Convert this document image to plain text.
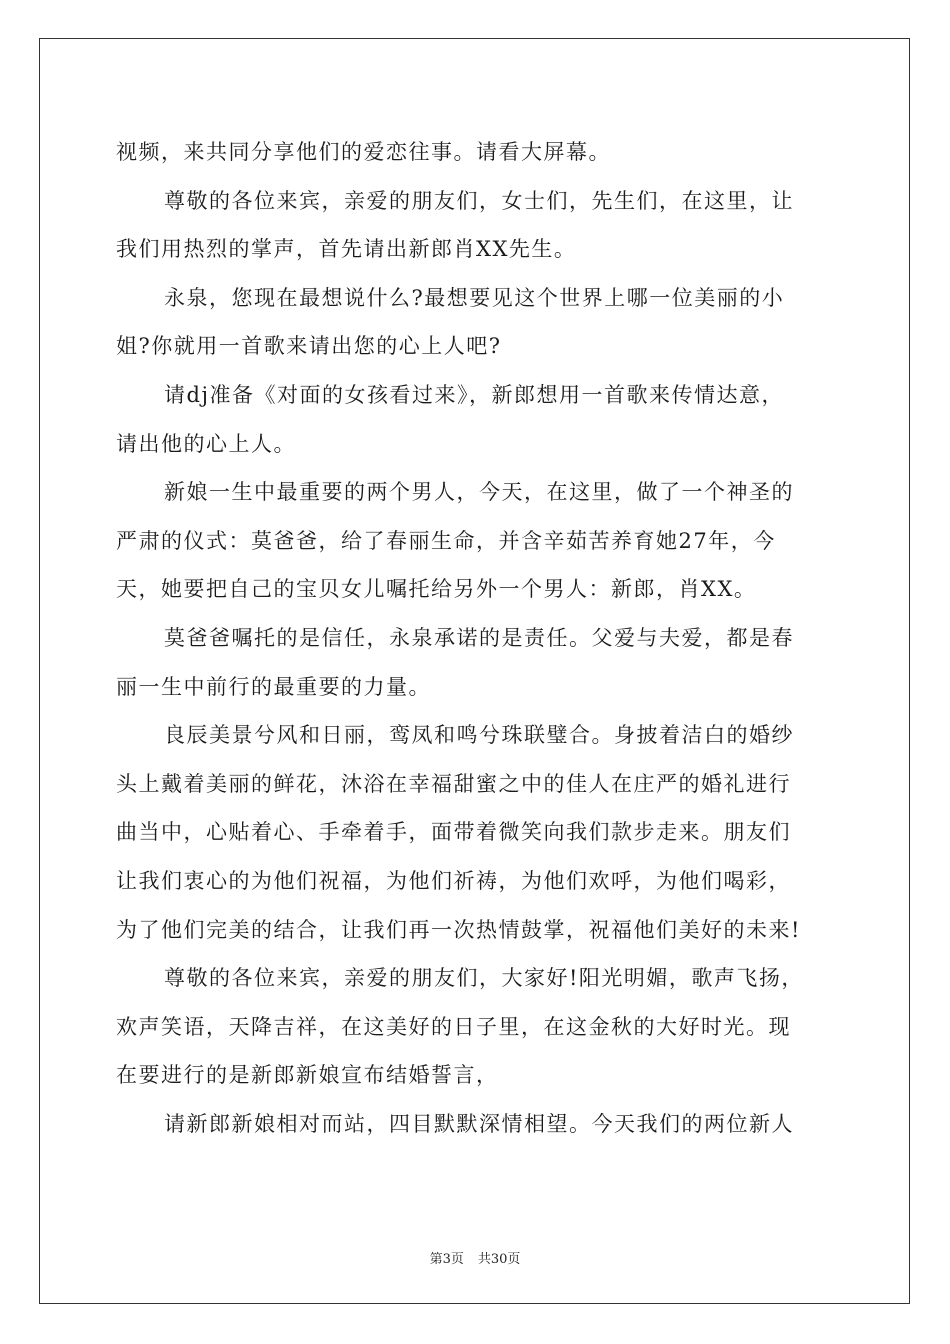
视频，来共同分享他们的爱恋往事。请看大屏幕。
尊敬的各位来宾，亲爱的朋友们，女士们，先生们，在这里，让
我们用热烈的掌声，首先请出新郎肖XX先生。
永泉，您现在最想说什么?最想要见这个世界上哪一位美丽的小
姐?你就用一首歌来请出您的心上人吧?
请dj准备《对面的女孩看过来》，新郎想用一首歌来传情达意，
请出他的心上人。
新娘一生中最重要的两个男人，今天，在这里，做了一个神圣的
严肃的仪式：莫爸爸，给了春丽生命，并含辛茹苦养育她27年，今
天，她要把自己的宝贝女儿嘱托给另外一个男人：新郎，肖XX。
莫爸爸嘱托的是信任，永泉承诺的是责任。父爱与夫爱，都是春
丽一生中前行的最重要的力量。
良辰美景兮风和日丽，鸾凤和鸣兮珠联璧合。身披着洁白的婚纱
头上戴着美丽的鲜花，沐浴在幸福甜蜜之中的佳人在庄严的婚礼进行
曲当中，心贴着心、手牵着手，面带着微笑向我们款步走来。朋友们
让我们衷心的为他们祝福，为他们祈祷，为他们欢呼，为他们喝彩，
为了他们完美的结合，让我们再一次热情鼓掌，祝福他们美好的未来!
尊敬的各位来宾，亲爱的朋友们，大家好!阳光明媚，歌声飞扬，
欢声笑语，天降吉祥，在这美好的日子里，在这金秋的大好时光。现
在要进行的是新郎新娘宣布结婚誓言，
请新郎新娘相对而站，四目默默深情相望。今天我们的两位新人
第3页 共30页
